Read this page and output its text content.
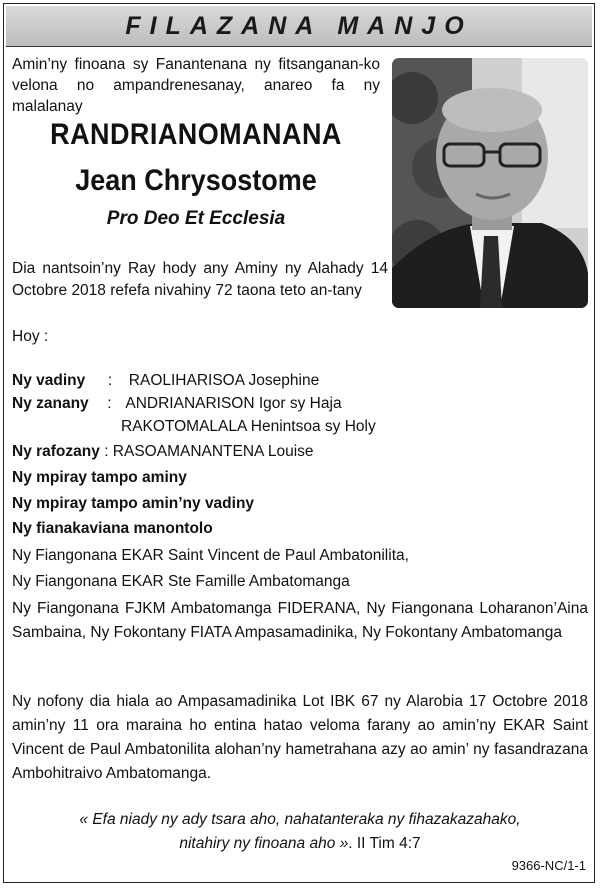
FILAZANA MANJO
Amin’ny finoana sy Fanantenana ny fitsanganan-ko velona no ampandrenesanay, anareo fa ny malalanay
RANDRIANOMANANA
Jean Chrysostome
Pro Deo Et Ecclesia
Dia nantsoin’ny Ray hody any Aminy ny Alahady 14 Octobre 2018 refefa nivahiny 72 taona teto an-tany
Hoy :
Ny vadiny : RAOLIHARISOA Josephine
Ny zanany : ANDRIANARISON Igor sy Haja
RAKOTOMALALA Henintsoa sy Holy
Ny rafozany : RASOAMANANTENA Louise
Ny mpiray tampo aminy
Ny mpiray tampo amin’ny vadiny
Ny fianakaviana manontolo
Ny Fiangonana EKAR Saint Vincent de Paul Ambatonilita,
Ny Fiangonana EKAR Ste Famille Ambatomanga
Ny Fiangonana FJKM Ambatomanga FIDERANA, Ny Fiangonana Loharanon’Aina Sambaina, Ny Fokontany FIATA Ampasamadinika, Ny Fokontany Ambatomanga
Ny nofony dia hiala ao Ampasamadinika Lot IBK 67 ny Alarobia 17 Octobre 2018 amin’ny 11 ora maraina ho entina hatao veloma farany ao amin’ny EKAR Saint Vincent de Paul Ambatonilita alohan’ny hametrahana azy ao amin’ ny fasandrazana Ambohitraivo Ambatomanga.
« Efa niady ny ady tsara aho, nahatanteraka ny fihazakazahako,
nitahiry ny finoana aho ». II Tim 4:7
9366-NC/1-1
